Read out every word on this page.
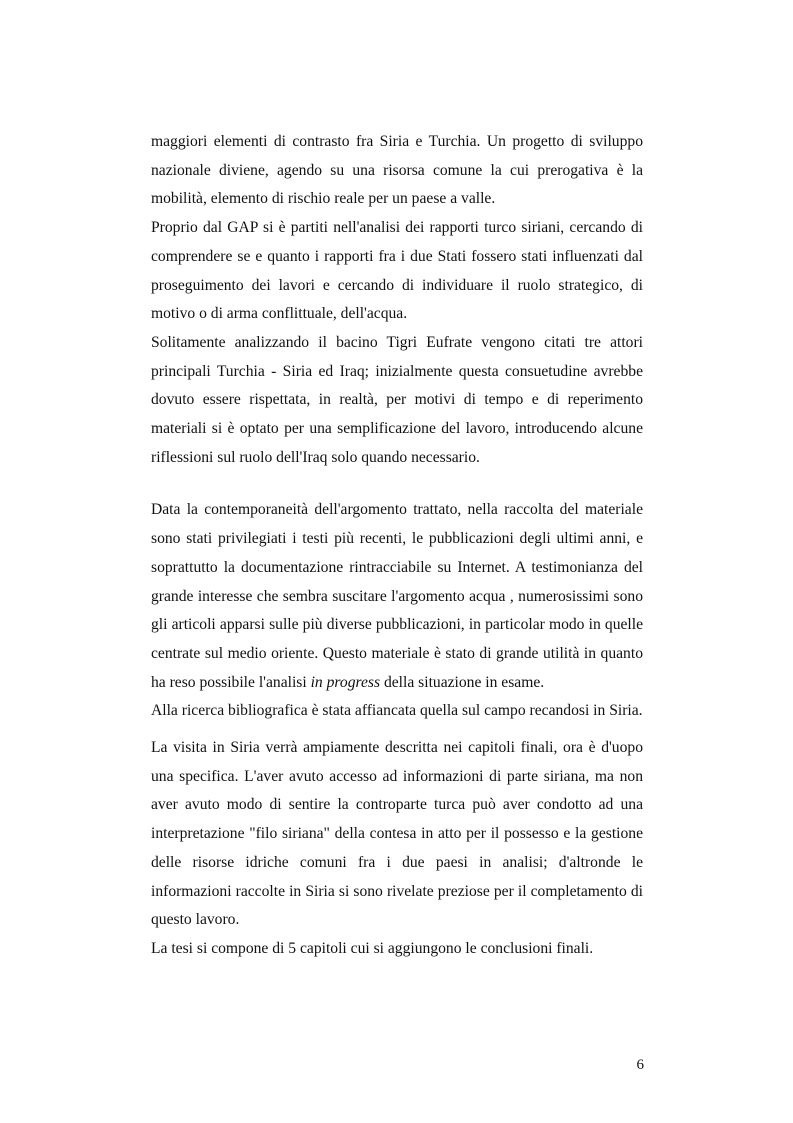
maggiori elementi di contrasto fra Siria e Turchia. Un progetto di sviluppo nazionale diviene, agendo su una risorsa comune la cui prerogativa è la mobilità, elemento di rischio reale per un paese a valle.

Proprio dal GAP si è partiti nell'analisi dei rapporti turco siriani, cercando di comprendere se e quanto i rapporti fra i due Stati fossero stati influenzati dal proseguimento dei lavori e cercando di individuare il ruolo strategico, di motivo o di arma conflittuale, dell'acqua.

Solitamente analizzando il bacino Tigri Eufrate vengono citati tre attori principali Turchia - Siria ed Iraq; inizialmente questa consuetudine avrebbe dovuto essere rispettata, in realtà, per motivi di tempo e di reperimento materiali si è optato per una semplificazione del lavoro, introducendo alcune riflessioni sul ruolo dell'Iraq solo quando necessario.

Data la contemporaneità dell'argomento trattato, nella raccolta del materiale sono stati privilegiati i testi più recenti, le pubblicazioni degli ultimi anni, e soprattutto la documentazione rintracciabile su Internet. A testimonianza del grande interesse che sembra suscitare l'argomento acqua , numerosissimi sono gli articoli apparsi sulle più diverse pubblicazioni, in particolar modo in quelle centrate sul medio oriente. Questo materiale è stato di grande utilità in quanto ha reso possibile l'analisi in progress della situazione in esame.

Alla ricerca bibliografica è stata affiancata quella sul campo recandosi in Siria.

La visita in Siria verrà ampiamente descritta nei capitoli finali, ora è d'uopo una specifica. L'aver avuto accesso ad informazioni di parte siriana, ma non aver avuto modo di sentire la controparte turca può aver condotto ad una interpretazione "filo siriana" della contesa in atto per il possesso e la gestione delle risorse idriche comuni fra i due paesi in analisi; d'altronde le informazioni raccolte in Siria si sono rivelate preziose per il completamento di questo lavoro.

La tesi si compone di 5 capitoli cui si aggiungono le conclusioni finali.

6
